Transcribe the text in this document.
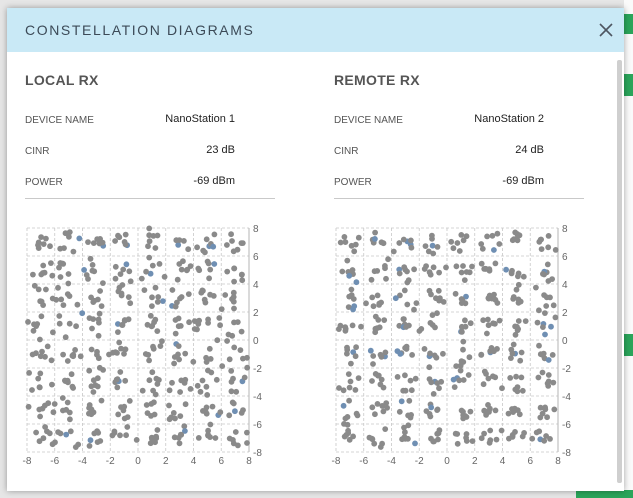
CONSTELLATION DIAGRAMS
LOCAL RX
DEVICE NAME	NanoStation 1
CINR	23 dB
POWER	-69 dBm
-8 -6 -4 -2 0 2 4 6 8
8
6
4
2
0
-2
-4
-6
-8
REMOTE RX
DEVICE NAME	NanoStation 2
CINR	24 dB
POWER	-69 dBm
-8 -6 -4 -2 0 2 4 6 8
8
6
4
2
0
-2
-4
-6
-8
